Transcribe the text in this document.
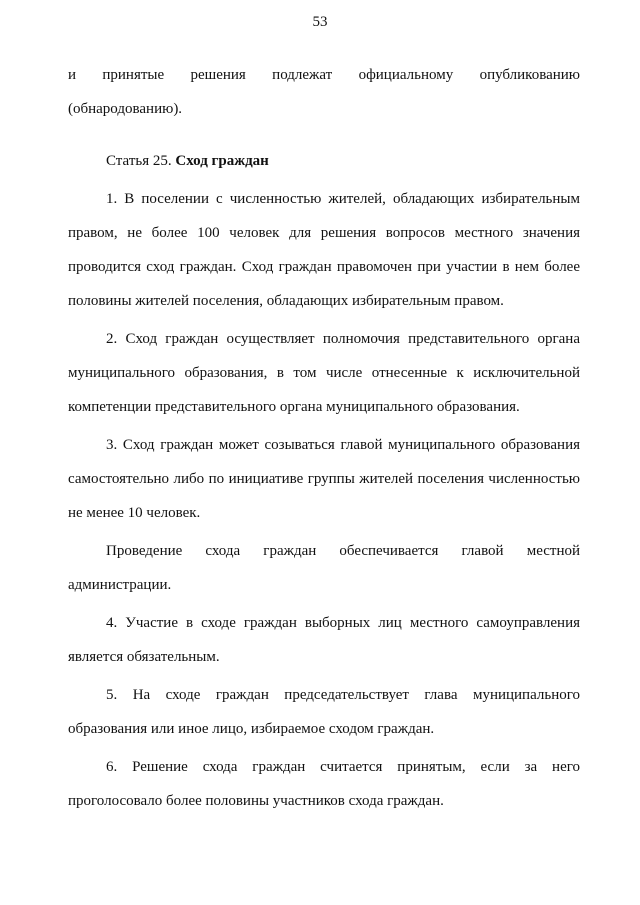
53
и принятые решения подлежат официальному опубликованию (обнародованию).
Статья 25. Сход граждан
1. В поселении с численностью жителей, обладающих избирательным правом, не более 100 человек для решения вопросов местного значения проводится сход граждан. Сход граждан правомочен при участии в нем более половины жителей поселения, обладающих избирательным правом.
2. Сход граждан осуществляет полномочия представительного органа муниципального образования, в том числе отнесенные к исключительной компетенции представительного органа муниципального образования.
3. Сход граждан может созываться главой муниципального образования самостоятельно либо по инициативе группы жителей поселения численностью не менее 10 человек.
Проведение схода граждан обеспечивается главой местной администрации.
4. Участие в сходе граждан выборных лиц местного самоуправления является обязательным.
5. На сходе граждан председательствует глава муниципального образования или иное лицо, избираемое сходом граждан.
6. Решение схода граждан считается принятым, если за него проголосовало более половины участников схода граждан.
